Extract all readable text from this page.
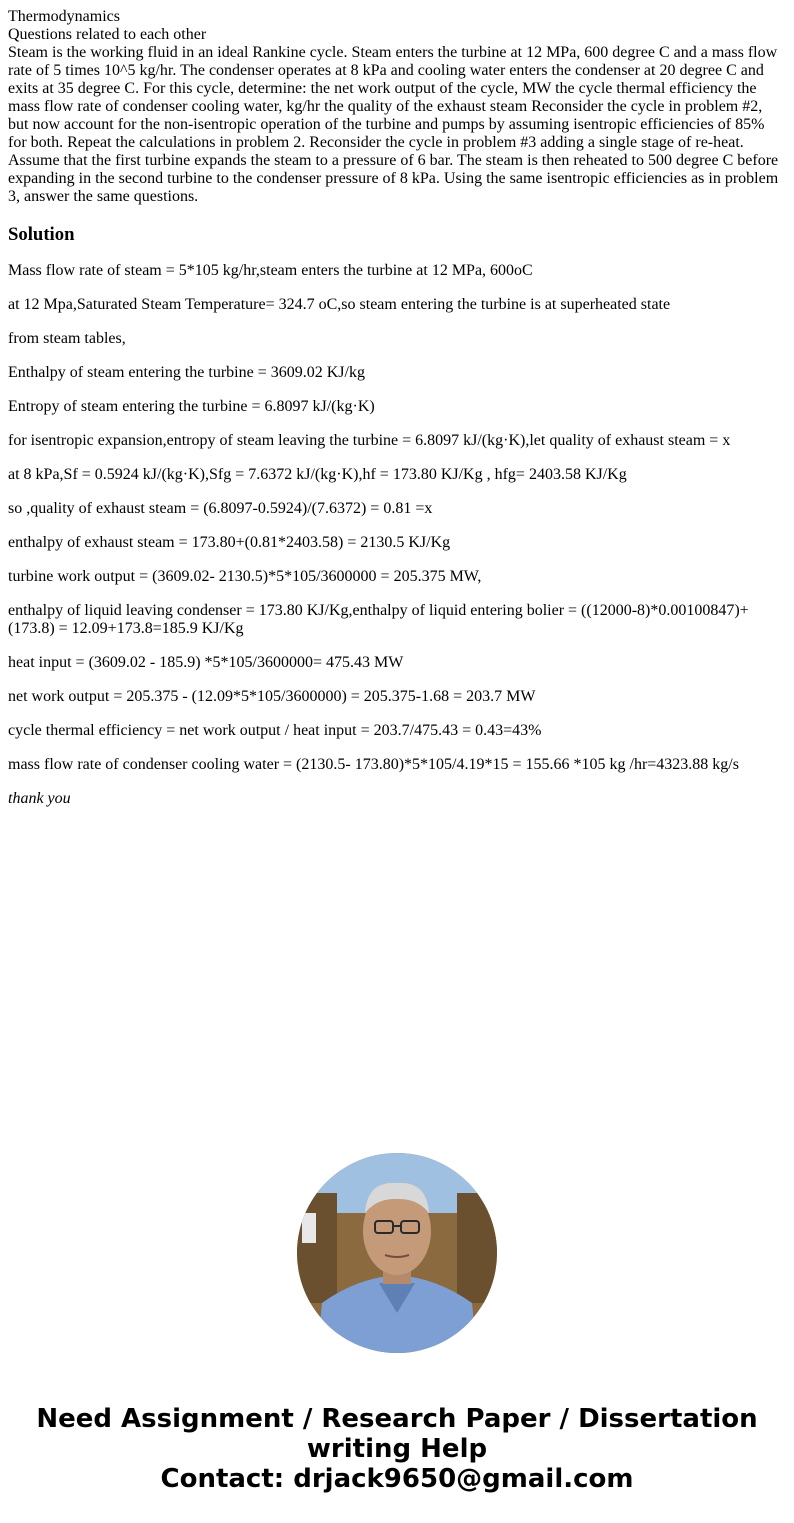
Thermodynamics
Questions related to each other
Steam is the working fluid in an ideal Rankine cycle. Steam enters the turbine at 12 MPa, 600 degree C and a mass flow rate of 5 times 10^5 kg/hr. The condenser operates at 8 kPa and cooling water enters the condenser at 20 degree C and exits at 35 degree C. For this cycle, determine: the net work output of the cycle, MW the cycle thermal efficiency the mass flow rate of condenser cooling water, kg/hr the quality of the exhaust steam Reconsider the cycle in problem #2, but now account for the non-isentropic operation of the turbine and pumps by assuming isentropic efficiencies of 85% for both. Repeat the calculations in problem 2. Reconsider the cycle in problem #3 adding a single stage of re-heat. Assume that the first turbine expands the steam to a pressure of 6 bar. The steam is then reheated to 500 degree C before expanding in the second turbine to the condenser pressure of 8 kPa. Using the same isentropic efficiencies as in problem 3, answer the same questions.
Solution

Mass flow rate of steam = 5*105 kg/hr,steam enters the turbine at 12 MPa, 600oC

at 12 Mpa,Saturated Steam Temperature= 324.7 oC,so steam entering the turbine is at superheated state

from steam tables,

Enthalpy of steam entering the turbine = 3609.02 KJ/kg

Entropy of steam entering the turbine = 6.8097 kJ/(kg·K)

for isentropic expansion,entropy of steam leaving the turbine = 6.8097 kJ/(kg·K),let quality of exhaust steam = x

at 8 kPa,Sf = 0.5924 kJ/(kg·K),Sfg = 7.6372 kJ/(kg·K),hf = 173.80 KJ/Kg , hfg= 2403.58 KJ/Kg

so ,quality of exhaust steam = (6.8097-0.5924)/(7.6372) = 0.81 =x

enthalpy of exhaust steam = 173.80+(0.81*2403.58) = 2130.5 KJ/Kg

turbine work output = (3609.02- 2130.5)*5*105/3600000 = 205.375 MW,

enthalpy of liquid leaving condenser = 173.80 KJ/Kg,enthalpy of liquid entering bolier = ((12000-8)*0.00100847)+(173.8) = 12.09+173.8=185.9 KJ/Kg

heat input = (3609.02 - 185.9) *5*105/3600000= 475.43 MW

net work output = 205.375 - (12.09*5*105/3600000) = 205.375-1.68 = 203.7 MW

cycle thermal efficiency = net work output / heat input = 203.7/475.43 = 0.43=43%

mass flow rate of condenser cooling water = (2130.5- 173.80)*5*105/4.19*15 = 155.66 *105 kg /hr=4323.88 kg/s

thank you

Need Assignment / Research Paper / Dissertation
writing Help
Contact: drjack9650@gmail.com
